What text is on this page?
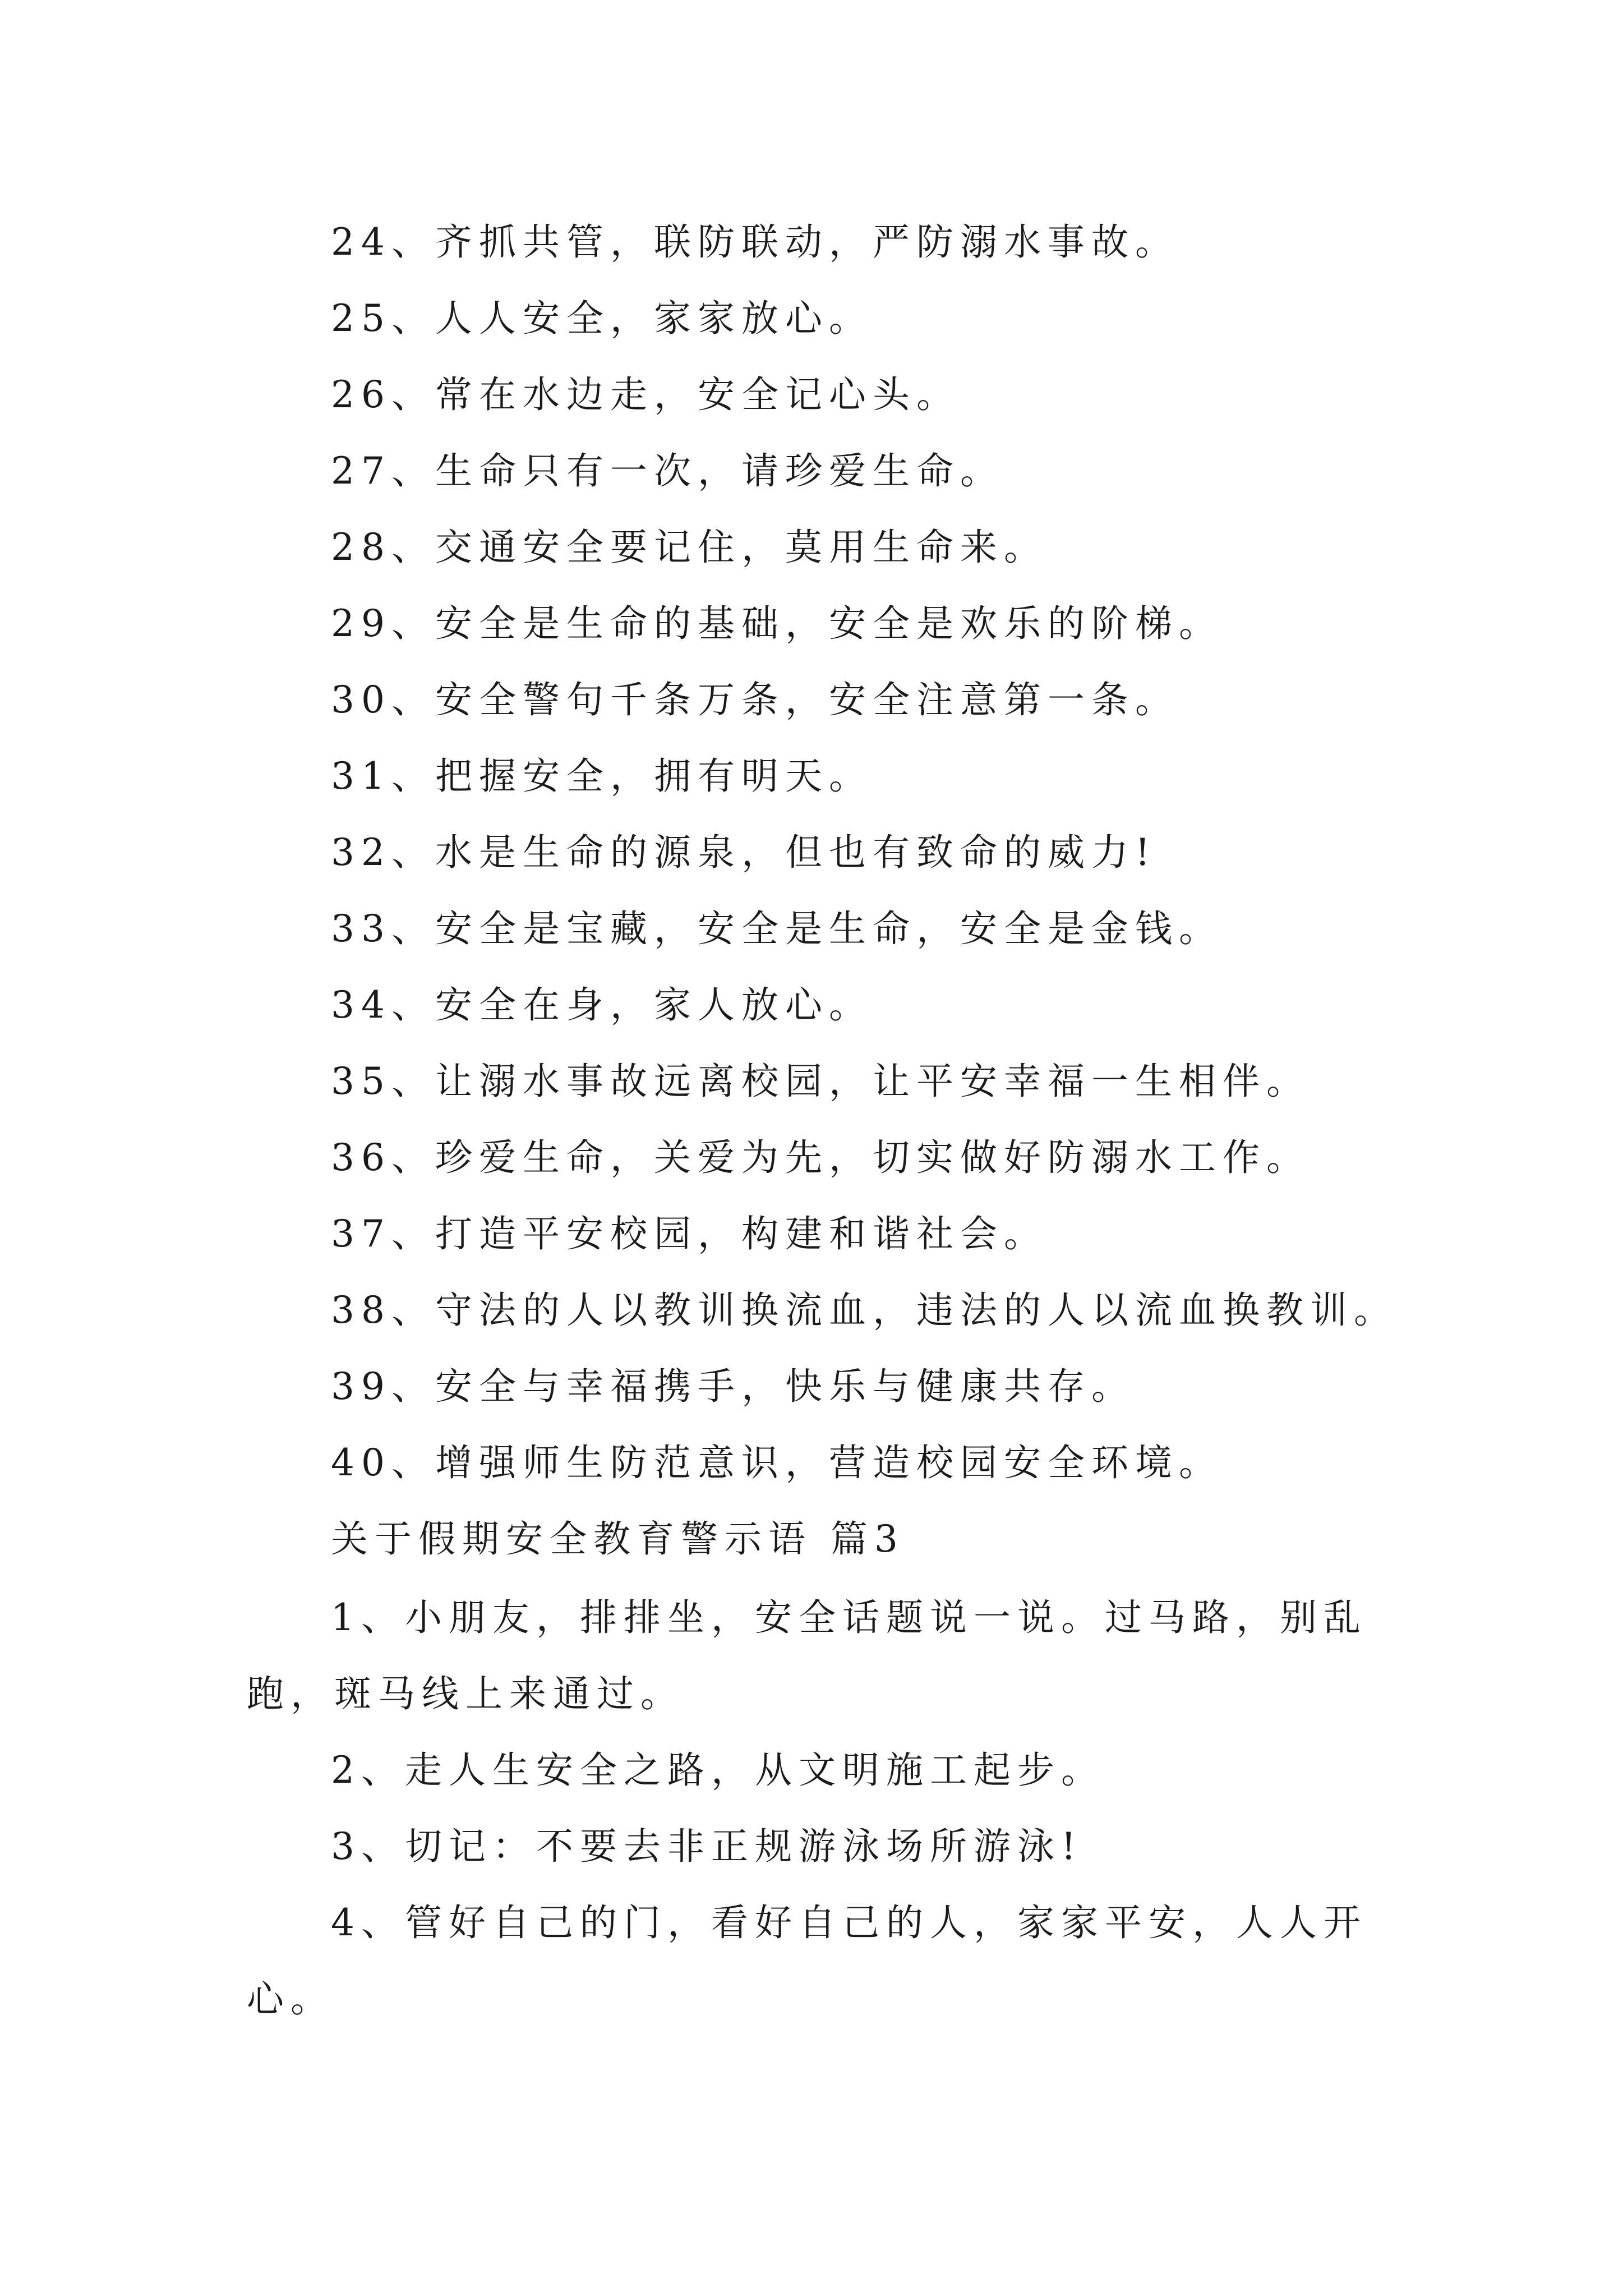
24、齐抓共管，联防联动，严防溺水事故。
25、人人安全，家家放心。
26、常在水边走，安全记心头。
27、生命只有一次，请珍爱生命。
28、交通安全要记住，莫用生命来。
29、安全是生命的基础，安全是欢乐的阶梯。
30、安全警句千条万条，安全注意第一条。
31、把握安全，拥有明天。
32、水是生命的源泉，但也有致命的威力!
33、安全是宝藏，安全是生命，安全是金钱。
34、安全在身，家人放心。
35、让溺水事故远离校园，让平安幸福一生相伴。
36、珍爱生命，关爱为先，切实做好防溺水工作。
37、打造平安校园，构建和谐社会。
38、守法的人以教训换流血，违法的人以流血换教训。
39、安全与幸福携手，快乐与健康共存。
40、增强师生防范意识，营造校园安全环境。
关于假期安全教育警示语 篇3
1、小朋友，排排坐，安全话题说一说。过马路，别乱
跑，斑马线上来通过。
2、走人生安全之路，从文明施工起步。
3、切记：不要去非正规游泳场所游泳!
4、管好自己的门，看好自己的人，家家平安，人人开
心。
